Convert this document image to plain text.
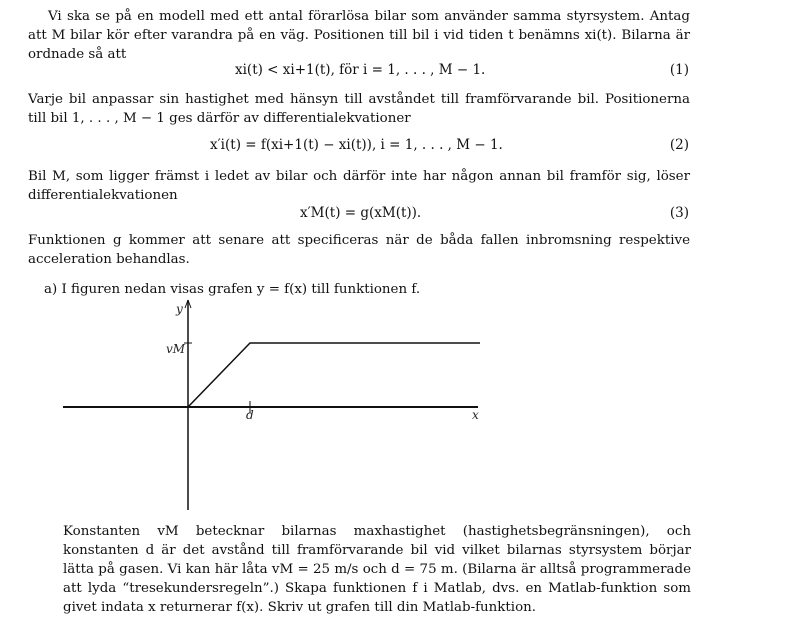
Vi ska se på en modell med ett antal förarlösa bilar som använder samma styrsystem. Antag att M bilar kör efter varandra på en väg. Positionen till bil i vid tiden t benämns xi(t). Bilarna är ordnade så att
xi(t) < xi+1(t), för i = 1, . . . , M − 1.	(1)
Varje bil anpassar sin hastighet med hänsyn till avståndet till framförvarande bil. Positionerna till bil 1, . . . , M − 1 ges därför av differentialekvationer
x′i(t) = f(xi+1(t) − xi(t)), i = 1, . . . , M − 1.	(2)
Bil M, som ligger främst i ledet av bilar och därför inte har någon annan bil framför sig, löser differentialekvationen
x′M(t) = g(xM(t)).	(3)
Funktionen g kommer att senare att specificeras när de båda fallen inbromsning respektive acceleration behandlas.
a) I figuren nedan visas grafen y = f(x) till funktionen f.
y
x
d
vM
Konstanten vM betecknar bilarnas maxhastighet (hastighetsbegränsningen), och konstanten d är det avstånd till framförvarande bil vid vilket bilarnas styrsystem börjar lätta på gasen. Vi kan här låta vM = 25 m/s och d = 75 m. (Bilarna är alltså programmerade att lyda “tresekundersregeln”.) Skapa funktionen f i Matlab, dvs. en Matlab-funktion som givet indata x returnerar f(x). Skriv ut grafen till din Matlab-funktion.
